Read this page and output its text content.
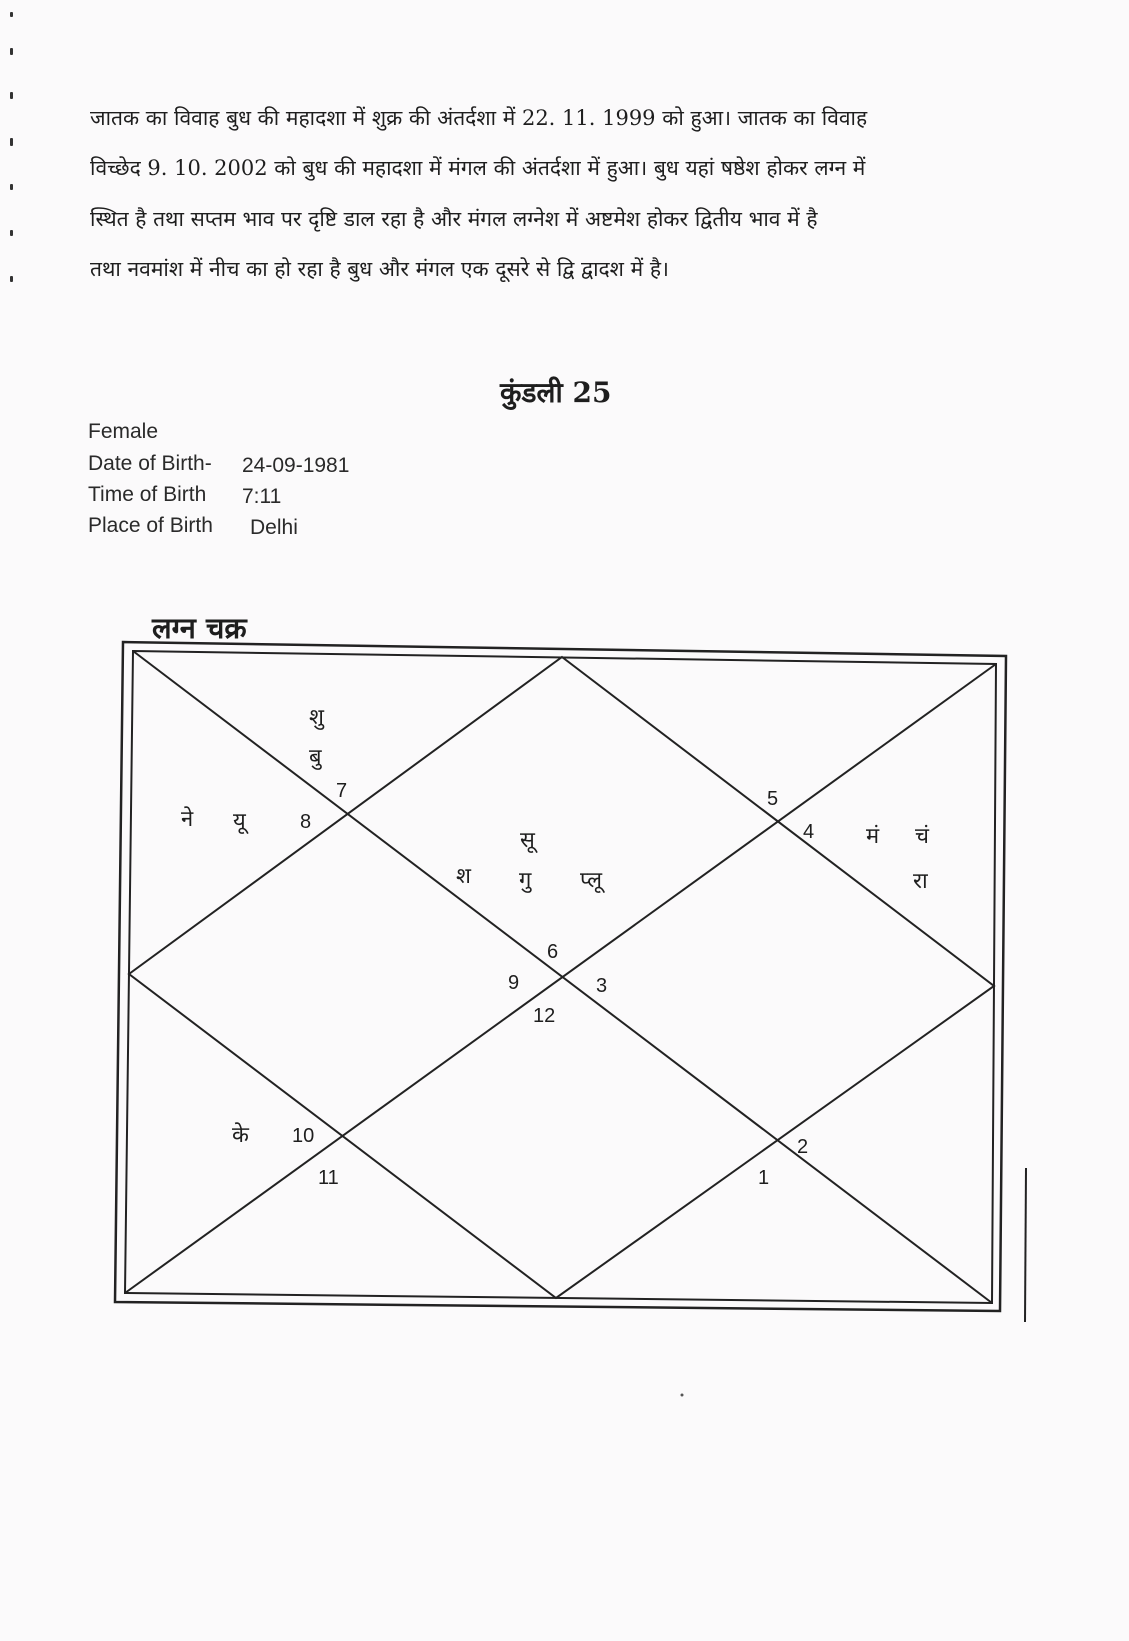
जातक का विवाह बुध की महादशा में शुक्र की अंतर्दशा में 22. 11. 1999 को हुआ। जातक का विवाह
विच्छेद 9. 10. 2002 को बुध की महादशा में मंगल की अंतर्दशा में हुआ। बुध यहां षष्ठेश होकर लग्न में
स्थित है तथा सप्तम भाव पर दृष्टि डाल रहा है और मंगल लग्नेश में अष्टमेश होकर द्वितीय भाव में है
तथा नवमांश में नीच का हो रहा है बुध और मंगल एक दूसरे से द्वि द्वादश में है।
कुंडली 25
Female
Date of Birth- 24-09-1981
Time of Birth 7:11
Place of Birth Delhi
लग्न चक्र
7
8
5
4
6
9	3
12
10
11
2
1
शु
बु
ने यू
सू
श गु प्लू
मं चं
रा
के
